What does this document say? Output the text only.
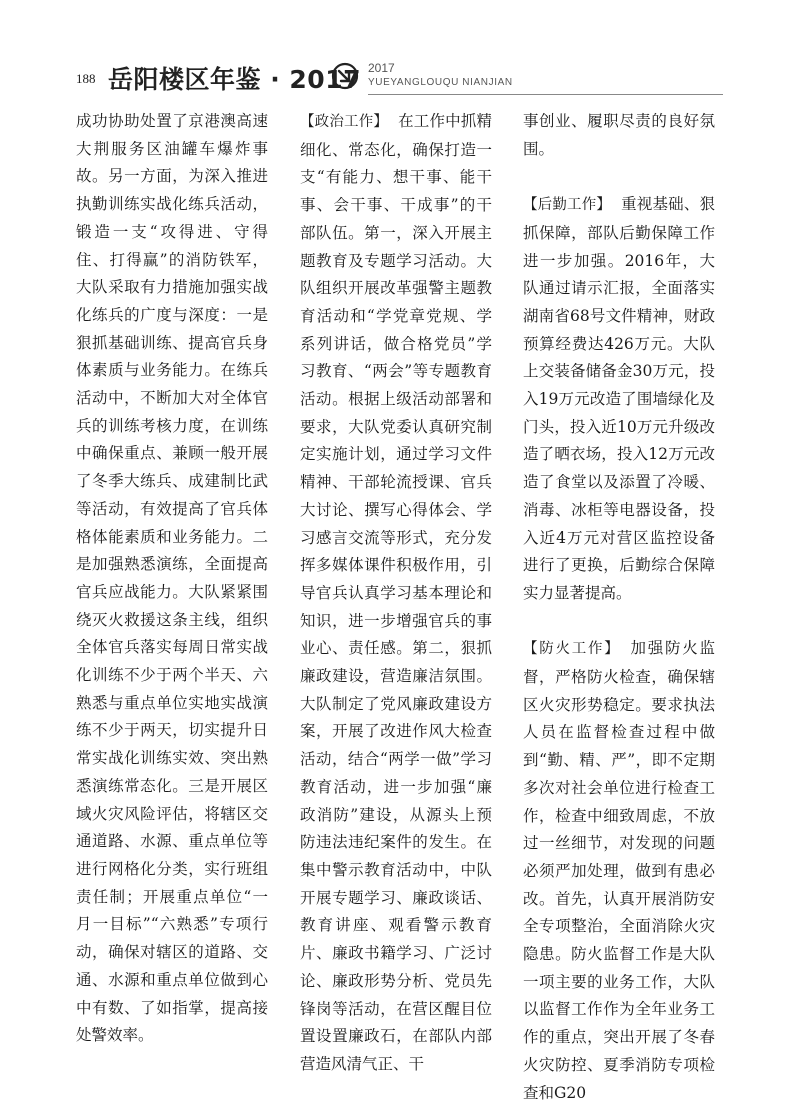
188 岳阳楼区年鉴 · 2017 2017
YUEYANGLOUQU NIANJIAN

成功协助处置了京港澳高速大荆服务区油罐车爆炸事故。另一方面，为深入推进执勤训练实战化练兵活动，锻造一支“攻得进、守得住、打得赢”的消防铁军，大队采取有力措施加强实战化练兵的广度与深度：一是狠抓基础训练、提高官兵身体素质与业务能力。在练兵活动中，不断加大对全体官兵的训练考核力度，在训练中确保重点、兼顾一般开展了冬季大练兵、成建制比武等活动，有效提高了官兵体格体能素质和业务能力。二是加强熟悉演练，全面提高官兵应战能力。大队紧紧围绕灭火救援这条主线，组织全体官兵落实每周日常实战化训练不少于两个半天、六熟悉与重点单位实地实战演练不少于两天，切实提升日常实战化训练实效、突出熟悉演练常态化。三是开展区域火灾风险评估，将辖区交通道路、水源、重点单位等进行网格化分类，实行班组责任制；开展重点单位“一月一目标”“六熟悉”专项行动，确保对辖区的道路、交通、水源和重点单位做到心中有数、了如指掌，提高接处警效率。

【政治工作】 在工作中抓精细化、常态化，确保打造一支“有能力、想干事、能干事、会干事、干成事”的干部队伍。第一，深入开展主题教育及专题学习活动。大队组织开展改革强警主题教育活动和“学党章党规、学系列讲话，做合格党员”学习教育、“两会”等专题教育活动。根据上级活动部署和要求，大队党委认真研究制定实施计划，通过学习文件精神、干部轮流授课、官兵大讨论、撰写心得体会、学习感言交流等形式，充分发挥多媒体课件积极作用，引导官兵认真学习基本理论和知识，进一步增强官兵的事业心、责任感。第二，狠抓廉政建设，营造廉洁氛围。大队制定了党风廉政建设方案，开展了改进作风大检查活动，结合“两学一做”学习教育活动，进一步加强“廉政消防”建设，从源头上预防违法违纪案件的发生。在集中警示教育活动中，中队开展专题学习、廉政谈话、教育讲座、观看警示教育片、廉政书籍学习、广泛讨论、廉政形势分析、党员先锋岗等活动，在营区醒目位置设置廉政石，在部队内部营造风清气正、干

事创业、履职尽责的良好氛围。

【后勤工作】 重视基础、狠抓保障，部队后勤保障工作进一步加强。2016年，大队通过请示汇报，全面落实湖南省68号文件精神，财政预算经费达426万元。大队上交装备储备金30万元，投入19万元改造了围墙绿化及门头，投入近10万元升级改造了晒衣场，投入12万元改造了食堂以及添置了冷暖、消毒、冰柜等电器设备，投入近4万元对营区监控设备进行了更换，后勤综合保障实力显著提高。

【防火工作】 加强防火监督，严格防火检查，确保辖区火灾形势稳定。要求执法人员在监督检查过程中做到“勤、精、严”，即不定期多次对社会单位进行检查工作，检查中细致周虑，不放过一丝细节，对发现的问题必须严加处理，做到有患必改。首先，认真开展消防安全专项整治，全面消除火灾隐患。防火监督工作是大队一项主要的业务工作，大队以监督工作作为全年业务工作的重点，突出开展了冬春火灾防控、夏季消防专项检查和G20
